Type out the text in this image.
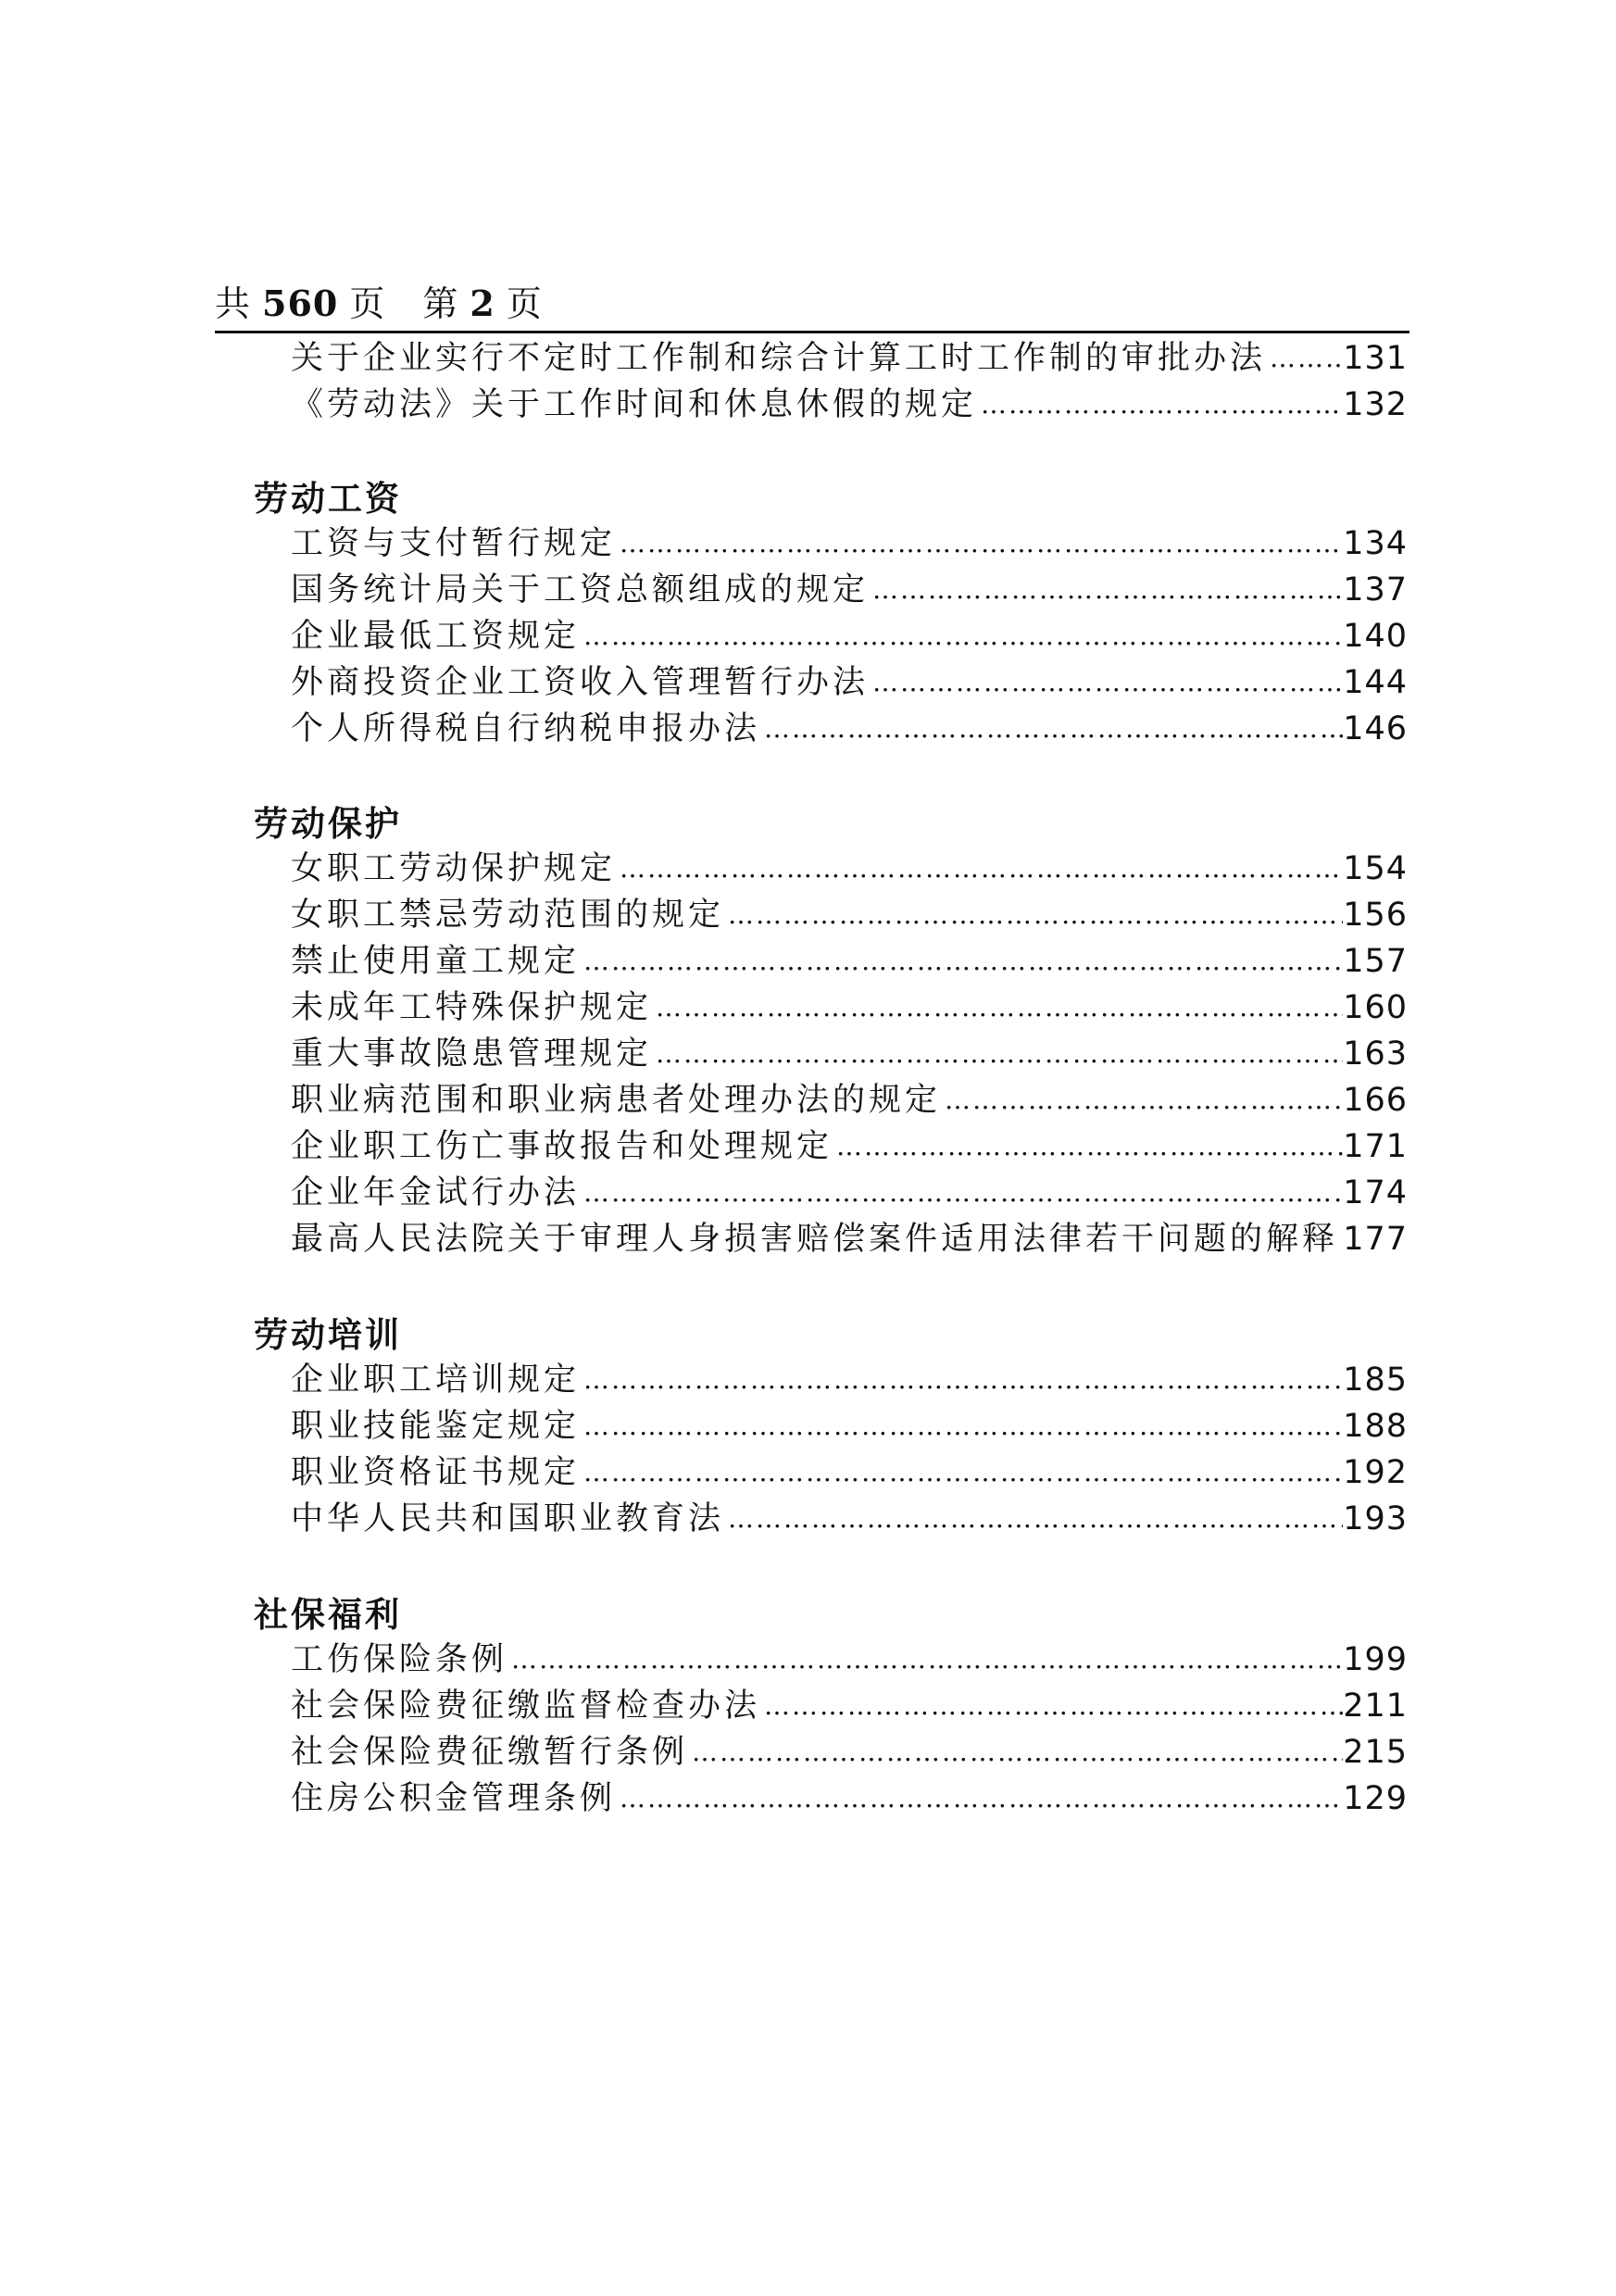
共 560 页 第 2 页
关于企业实行不定时工作制和综合计算工时工作制的审批办法 …………………………………………………………………………………………………………………………………………………………………… 131
《劳动法》关于工作时间和休息休假的规定 ……………………………………………………………………………………………………………………………………………………………………	132
劳动工资
工资与支付暂行规定 ……………………………………………………………………………………………………………………………………………………………………	134
国务统计局关于工资总额组成的规定 ……………………………………………………………………………………………………………………………………………………………………	137
企业最低工资规定 ……………………………………………………………………………………………………………………………………………………………………	140
外商投资企业工资收入管理暂行办法 ……………………………………………………………………………………………………………………………………………………………………	144
个人所得税自行纳税申报办法 ……………………………………………………………………………………………………………………………………………………………………	146
劳动保护
女职工劳动保护规定 ……………………………………………………………………………………………………………………………………………………………………	154
女职工禁忌劳动范围的规定 ……………………………………………………………………………………………………………………………………………………………………	156
禁止使用童工规定 ……………………………………………………………………………………………………………………………………………………………………	157
未成年工特殊保护规定 ……………………………………………………………………………………………………………………………………………………………………	160
重大事故隐患管理规定 ……………………………………………………………………………………………………………………………………………………………………	163
职业病范围和职业病患者处理办法的规定 ……………………………………………………………………………………………………………………………………………………………………	166
企业职工伤亡事故报告和处理规定 ……………………………………………………………………………………………………………………………………………………………………	171
企业年金试行办法 ……………………………………………………………………………………………………………………………………………………………………	174
最高人民法院关于审理人身损害赔偿案件适用法律若干问题的解释 …………………………………………………………………………………………………………………………………………………………………… 177
劳动培训
企业职工培训规定 ……………………………………………………………………………………………………………………………………………………………………	185
职业技能鉴定规定 ……………………………………………………………………………………………………………………………………………………………………	188
职业资格证书规定 ……………………………………………………………………………………………………………………………………………………………………	192
中华人民共和国职业教育法 ……………………………………………………………………………………………………………………………………………………………………	193
社保福利
工伤保险条例 ……………………………………………………………………………………………………………………………………………………………………	199
社会保险费征缴监督检查办法 ……………………………………………………………………………………………………………………………………………………………………	211
社会保险费征缴暂行条例 ……………………………………………………………………………………………………………………………………………………………………	215
住房公积金管理条例 ……………………………………………………………………………………………………………………………………………………………………	129
